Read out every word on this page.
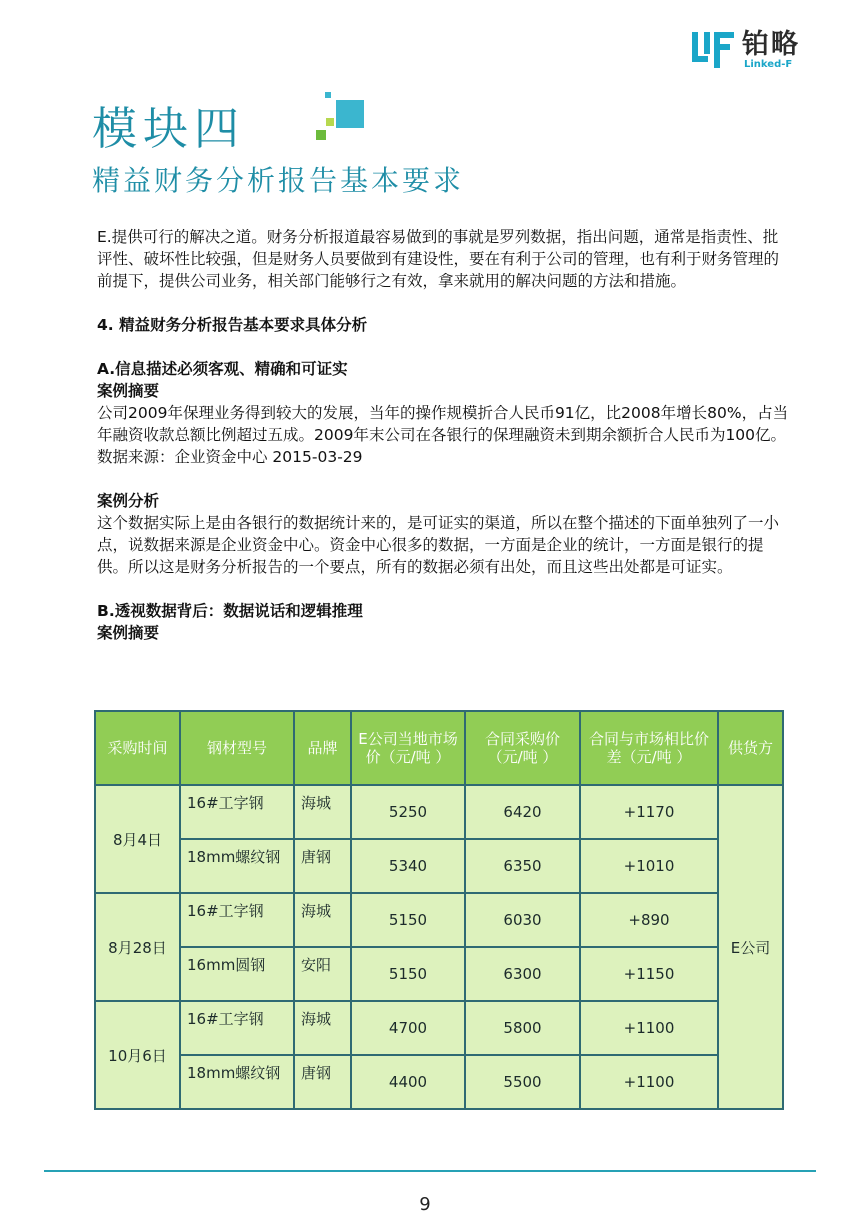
铂略
Linked-F
模块四
精益财务分析报告基本要求

E.提供可行的解决之道。财务分析报道最容易做到的事就是罗列数据，指出问题，通常是指责性、批评性、破坏性比较强，但是财务人员要做到有建设性，要在有利于公司的管理，也有利于财务管理的前提下，提供公司业务，相关部门能够行之有效，拿来就用的解决问题的方法和措施。

4. 精益财务分析报告基本要求具体分析

A.信息描述必须客观、精确和可证实

案例摘要

公司2009年保理业务得到较大的发展，当年的操作规模折合人民币91亿，比2008年增长80%，占当年融资收款总额比例超过五成。2009年末公司在各银行的保理融资未到期余额折合人民币为100亿。

数据来源：企业资金中心 2015-03-29

案例分析

这个数据实际上是由各银行的数据统计来的，是可证实的渠道，所以在整个描述的下面单独列了一小点，说数据来源是企业资金中心。资金中心很多的数据，一方面是企业的统计，一方面是银行的提供。所以这是财务分析报告的一个要点，所有的数据必须有出处，而且这些出处都是可证实。

B.透视数据背后：数据说话和逻辑推理

案例摘要

采购时间	钢材型号	品牌	E公司当地市场价（元/吨 ）	合同采购价（元/吨 ）	合同与市场相比价差（元/吨 ）	供货方
8月4日	16#工字钢	海城	5250	6420	+1170	E公司
	18mm螺纹钢	唐钢	5340	6350	+1010	
8月28日	16#工字钢	海城	5150	6030	+890	
	16mm圆钢	安阳	5150	6300	+1150	
10月6日	16#工字钢	海城	4700	5800	+1100	
	18mm螺纹钢	唐钢	4400	5500	+1100	
9
